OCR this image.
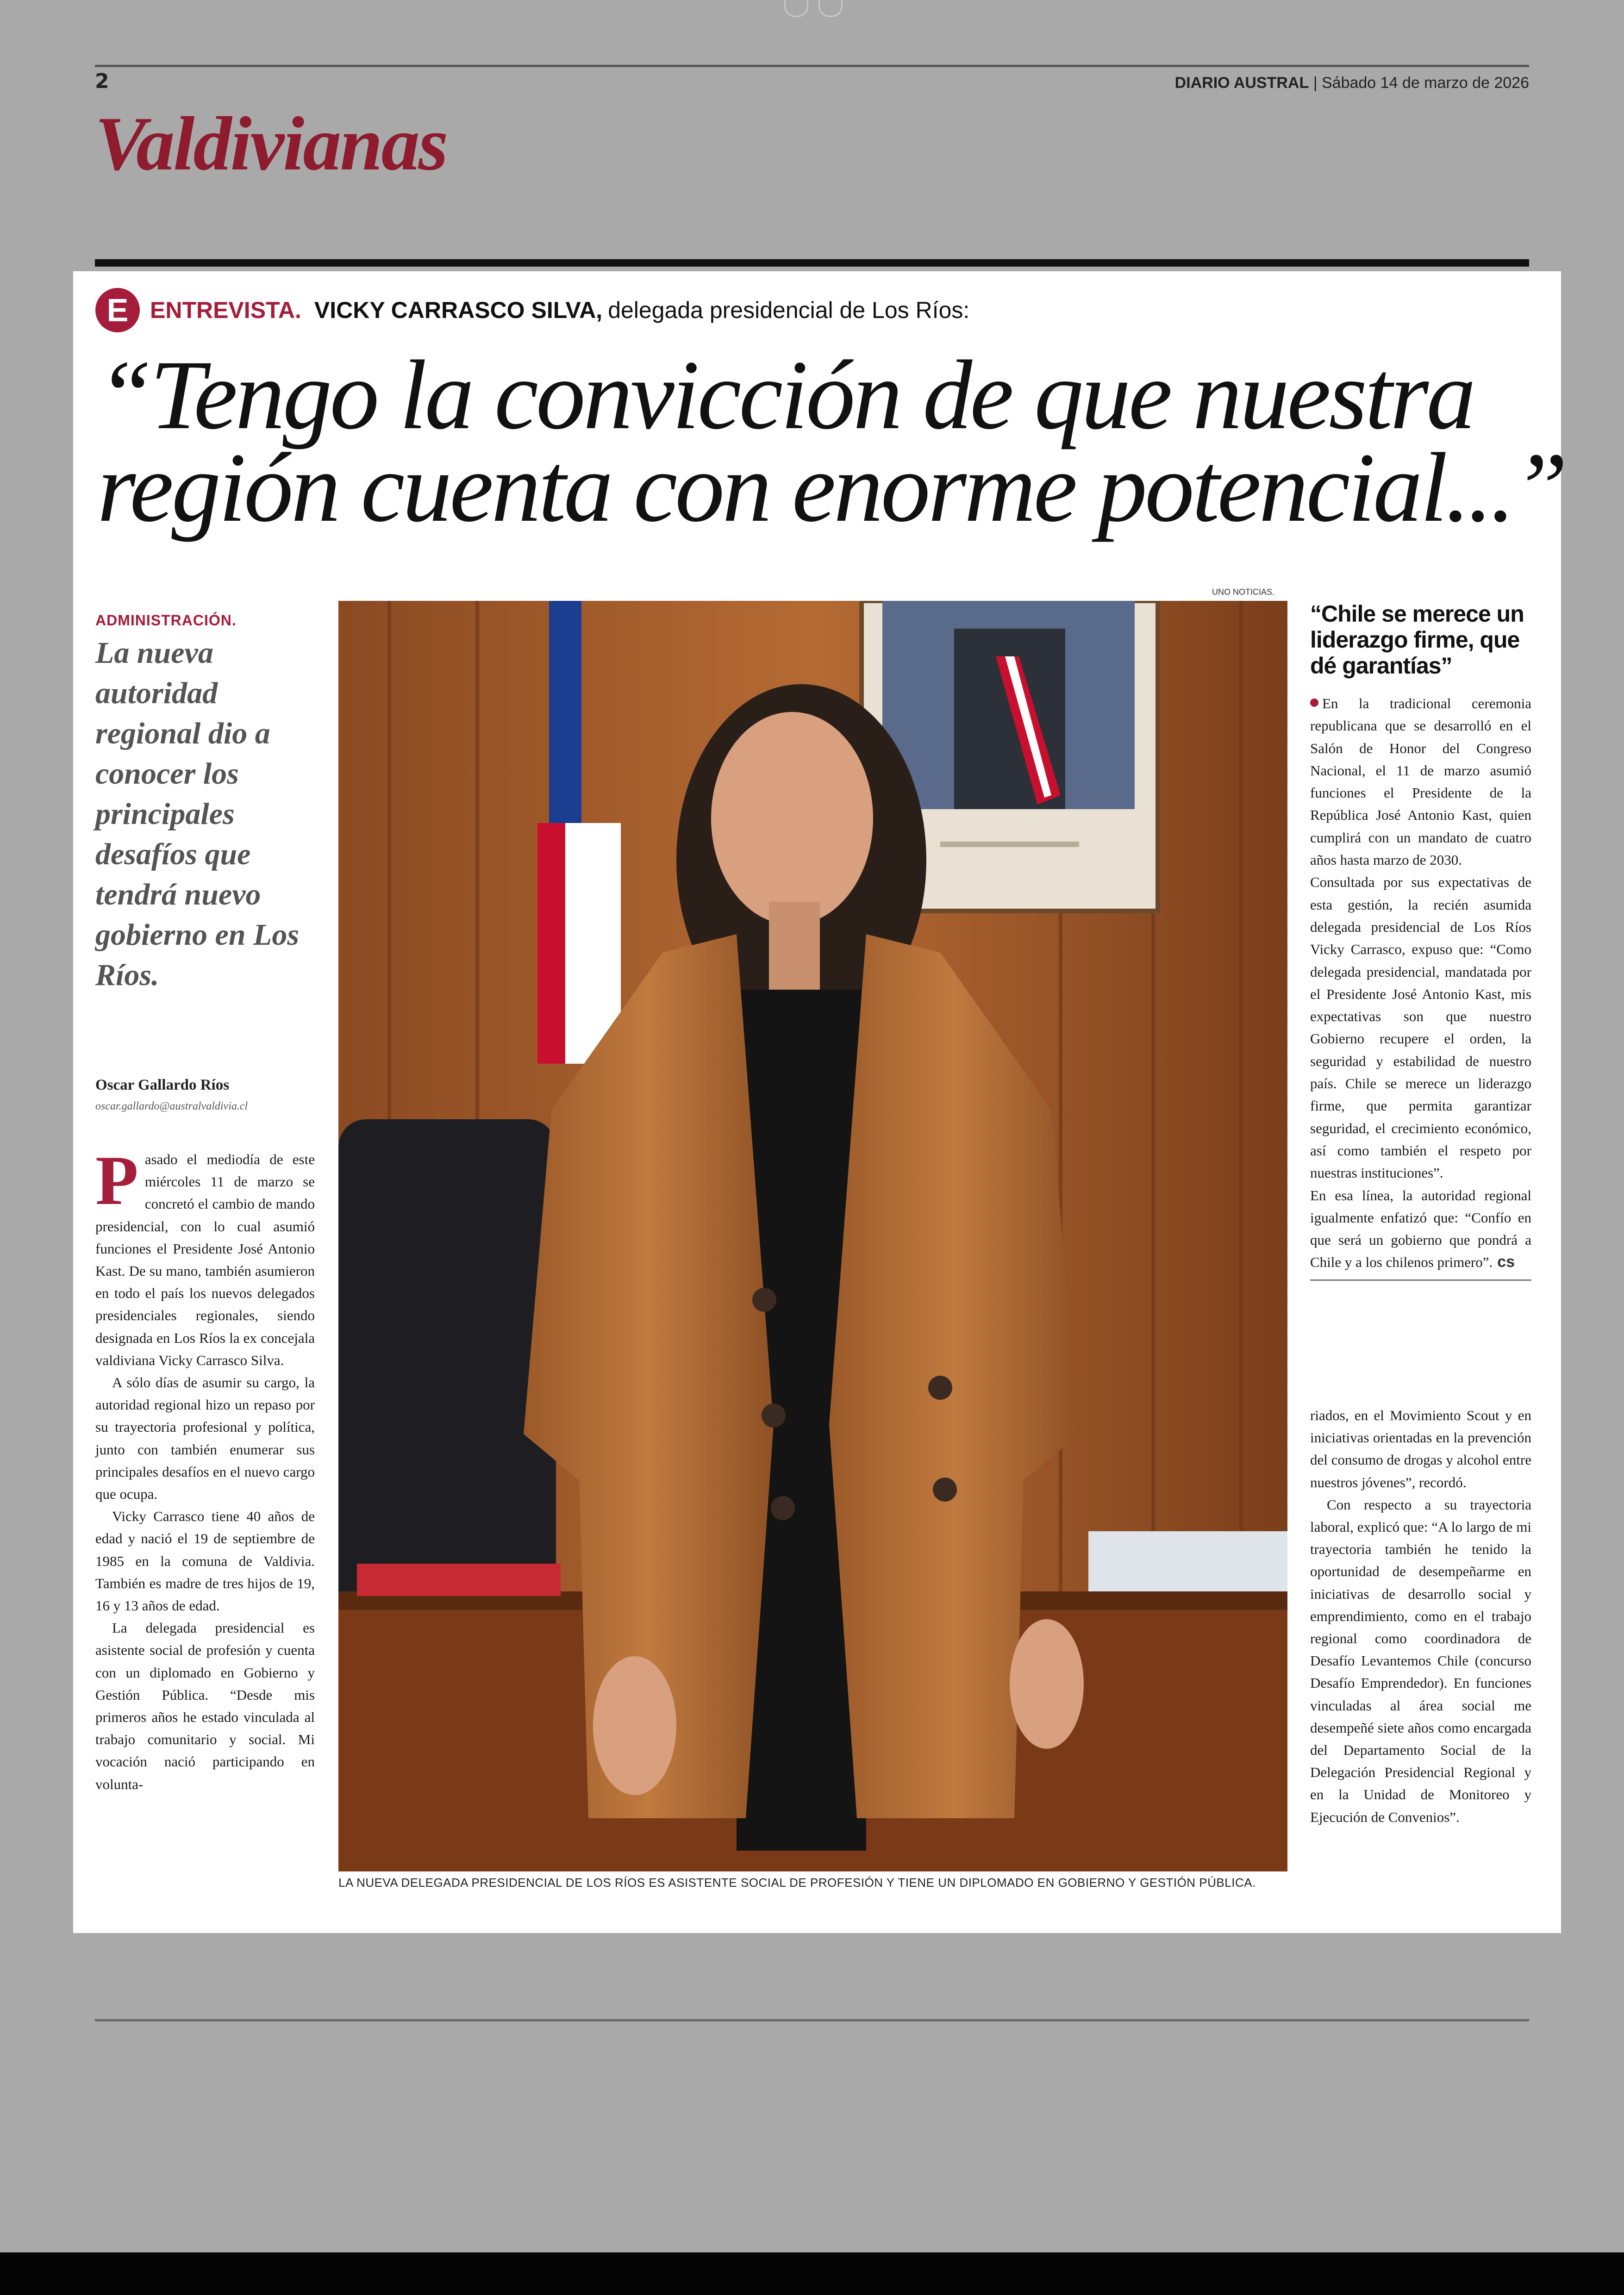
2	DIARIO AUSTRAL | Sábado 14 de marzo de 2026
Valdivianas
E ENTREVISTA. VICKY CARRASCO SILVA, delegada presidencial de Los Ríos:
“Tengo la convicción de que nuestra
región cuenta con enorme potencial...”
ADMINISTRACIÓN.
La nueva autoridad regional dio a conocer los principales desafíos que tendrá nuevo gobierno en Los Ríos.
Oscar Gallardo Ríos
oscar.gallardo@australvaldivia.cl

Pasado el mediodía de este miércoles 11 de marzo se concretó el cambio de mando presidencial, con lo cual asumió funciones el Presidente José Antonio Kast. De su mano, también asumieron en todo el país los nuevos delegados presidenciales regionales, siendo designada en Los Ríos la ex concejala valdiviana Vicky Carrasco Silva.

A sólo días de asumir su cargo, la autoridad regional hizo un repaso por su trayectoria profesional y política, junto con también enumerar sus principales desafíos en el nuevo cargo que ocupa.

Vicky Carrasco tiene 40 años de edad y nació el 19 de septiembre de 1985 en la comuna de Valdivia. También es madre de tres hijos de 19, 16 y 13 años de edad.

La delegada presidencial es asistente social de profesión y cuenta con un diplomado en Gobierno y Gestión Pública. “Desde mis primeros años he estado vinculada al trabajo comunitario y social. Mi vocación nació participando en volunta-

UNO NOTICIAS.
LA NUEVA DELEGADA PRESIDENCIAL DE LOS RÍOS ES ASISTENTE SOCIAL DE PROFESIÓN Y TIENE UN DIPLOMADO EN GOBIERNO Y GESTIÓN PÚBLICA.
“Chile se merece un liderazgo firme, que dé garantías”

En la tradicional ceremonia republicana que se desarrolló en el Salón de Honor del Congreso Nacional, el 11 de marzo asumió funciones el Presidente de la República José Antonio Kast, quien cumplirá con un mandato de cuatro años hasta marzo de 2030.

Consultada por sus expectativas de esta gestión, la recién asumida delegada presidencial de Los Ríos Vicky Carrasco, expuso que: “Como delegada presidencial, mandatada por el Presidente José Antonio Kast, mis expectativas son que nuestro Gobierno recupere el orden, la seguridad y estabilidad de nuestro país. Chile se merece un liderazgo firme, que permita garantizar seguridad, el crecimiento económico, así como también el respeto por nuestras instituciones”.

En esa línea, la autoridad regional igualmente enfatizó que: “Confío en que será un gobierno que pondrá a Chile y a los chilenos primero”. cs

riados, en el Movimiento Scout y en iniciativas orientadas en la prevención del consumo de drogas y alcohol entre nuestros jóvenes”, recordó.

Con respecto a su trayectoria laboral, explicó que: “A lo largo de mi trayectoria también he tenido la oportunidad de desempeñarme en iniciativas de desarrollo social y emprendimiento, como en el trabajo regional como coordinadora de Desafío Levantemos Chile (concurso Desafío Emprendedor). En funciones vinculadas al área social me desempeñé siete años como encargada del Departamento Social de la Delegación Presidencial Regional y en la Unidad de Monitoreo y Ejecución de Convenios”.
